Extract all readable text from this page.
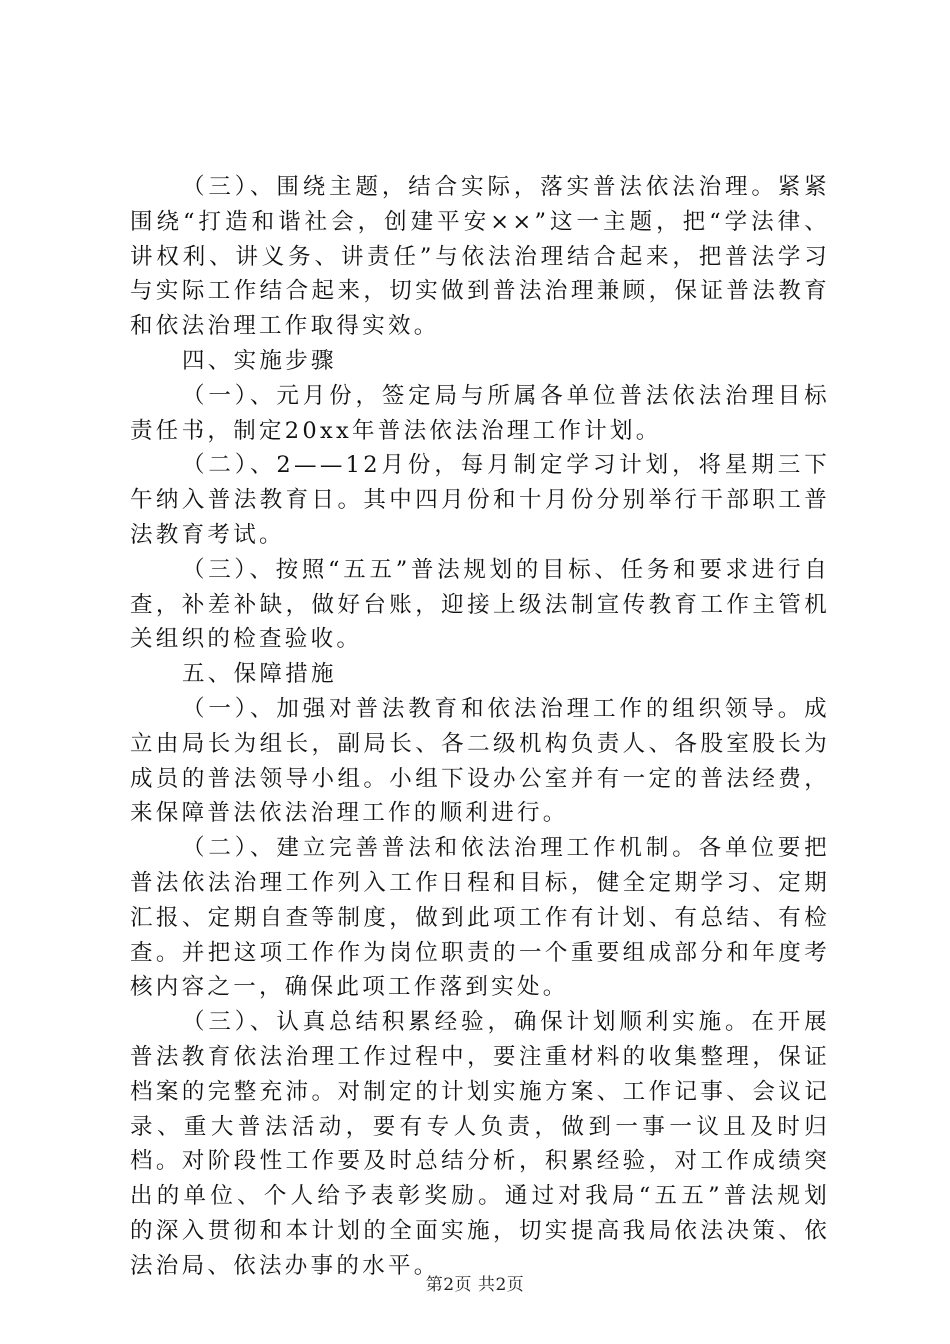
（三）、围绕主题，结合实际，落实普法依法治理。紧紧围绕“打造和谐社会，创建平安××”这一主题，把“学法律、讲权利、讲义务、讲责任”与依法治理结合起来，把普法学习与实际工作结合起来，切实做到普法治理兼顾，保证普法教育和依法治理工作取得实效。

四、实施步骤

（一）、元月份，签定局与所属各单位普法依法治理目标责任书，制定20xx年普法依法治理工作计划。

（二）、2——12月份，每月制定学习计划，将星期三下午纳入普法教育日。其中四月份和十月份分别举行干部职工普法教育考试。

（三）、按照“五五”普法规划的目标、任务和要求进行自查，补差补缺，做好台账，迎接上级法制宣传教育工作主管机关组织的检查验收。

五、保障措施

（一）、加强对普法教育和依法治理工作的组织领导。成立由局长为组长，副局长、各二级机构负责人、各股室股长为成员的普法领导小组。小组下设办公室并有一定的普法经费，来保障普法依法治理工作的顺利进行。

（二）、建立完善普法和依法治理工作机制。各单位要把普法依法治理工作列入工作日程和目标，健全定期学习、定期汇报、定期自查等制度，做到此项工作有计划、有总结、有检查。并把这项工作作为岗位职责的一个重要组成部分和年度考核内容之一，确保此项工作落到实处。

（三）、认真总结积累经验，确保计划顺利实施。在开展普法教育依法治理工作过程中，要注重材料的收集整理，保证档案的完整充沛。对制定的计划实施方案、工作记事、会议记录、重大普法活动，要有专人负责，做到一事一议且及时归档。对阶段性工作要及时总结分析，积累经验，对工作成绩突出的单位、个人给予表彰奖励。通过对我局“五五”普法规划的深入贯彻和本计划的全面实施，切实提高我局依法决策、依法治局、依法办事的水平。

第2页 共2页
